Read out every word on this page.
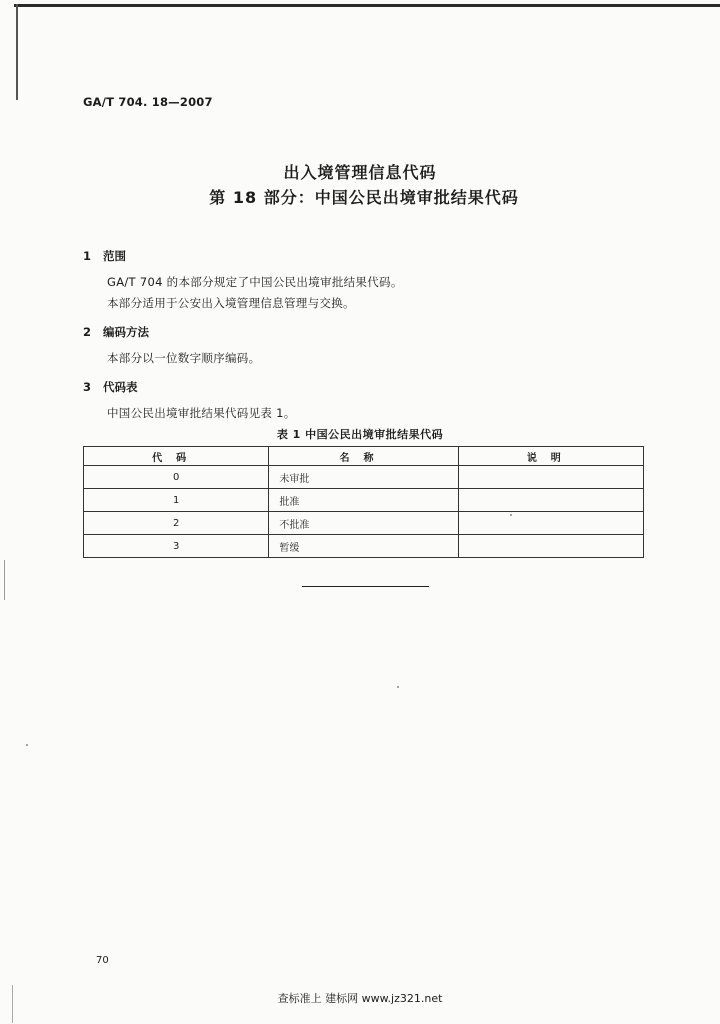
GA/T 704. 18—2007
出入境管理信息代码
第 18 部分：中国公民出境审批结果代码
1 范围
GA/T 704 的本部分规定了中国公民出境审批结果代码。
本部分适用于公安出入境管理信息管理与交换。
2 编码方法
本部分以一位数字顺序编码。
3 代码表
中国公民出境审批结果代码见表 1。
表 1 中国公民出境审批结果代码
代码	名称	说明
0	未审批	
1	批准	
2	不批准	
3	暂缓	
70
查标准上 建标网 www.jz321.net
